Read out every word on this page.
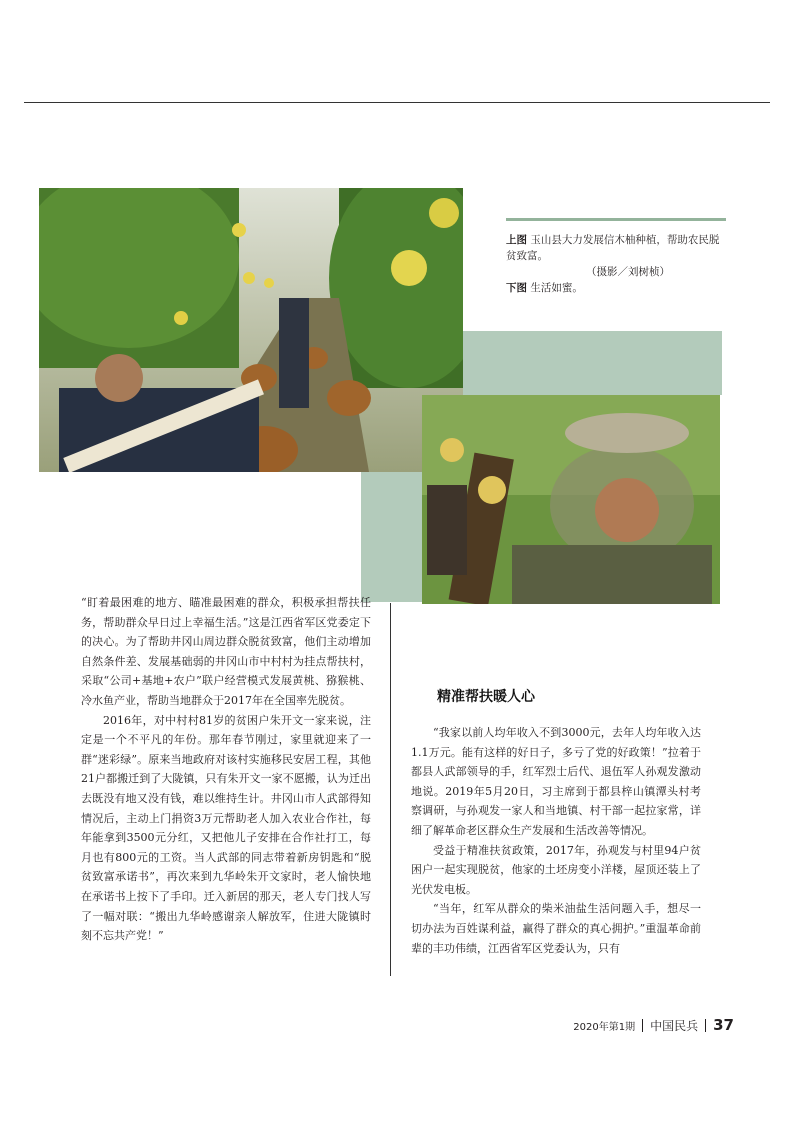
上图 玉山县大力发展信木柚种植，帮助农民脱贫致富。
（摄影／刘树桢）
下图 生活如蜜。

“盯着最困难的地方、瞄准最困难的群众，积极承担帮扶任务，帮助群众早日过上幸福生活。”这是江西省军区党委定下的决心。为了帮助井冈山周边群众脱贫致富，他们主动增加自然条件差、发展基础弱的井冈山市中村村为挂点帮扶村，采取“公司+基地+农户”联户经营模式发展黄桃、猕猴桃、冷水鱼产业，帮助当地群众于2017年在全国率先脱贫。

2016年，对中村村81岁的贫困户朱开文一家来说，注定是一个不平凡的年份。那年春节刚过，家里就迎来了一群“迷彩绿”。原来当地政府对该村实施移民安居工程，其他21户都搬迁到了大陇镇，只有朱开文一家不愿搬，认为迁出去既没有地又没有钱，难以维持生计。井冈山市人武部得知情况后，主动上门捐资3万元帮助老人加入农业合作社，每年能拿到3500元分红，又把他儿子安排在合作社打工，每月也有800元的工资。当人武部的同志带着新房钥匙和“脱贫致富承诺书”，再次来到九华岭朱开文家时，老人愉快地在承诺书上按下了手印。迁入新居的那天，老人专门找人写了一幅对联：“搬出九华岭感谢亲人解放军，住进大陇镇时刻不忘共产党！”

精准帮扶暖人心

“我家以前人均年收入不到3000元，去年人均年收入达1.1万元。能有这样的好日子，多亏了党的好政策！”拉着于都县人武部领导的手，红军烈士后代、退伍军人孙观发激动地说。2019年5月20日，习主席到于都县梓山镇潭头村考察调研，与孙观发一家人和当地镇、村干部一起拉家常，详细了解革命老区群众生产发展和生活改善等情况。

受益于精准扶贫政策，2017年，孙观发与村里94户贫困户一起实现脱贫，他家的土坯房变小洋楼，屋顶还装上了光伏发电板。

“当年，红军从群众的柴米油盐生活问题入手，想尽一切办法为百姓谋利益，赢得了群众的真心拥护。”重温革命前辈的丰功伟绩，江西省军区党委认为，只有

2020年第1期 中国民兵 37
